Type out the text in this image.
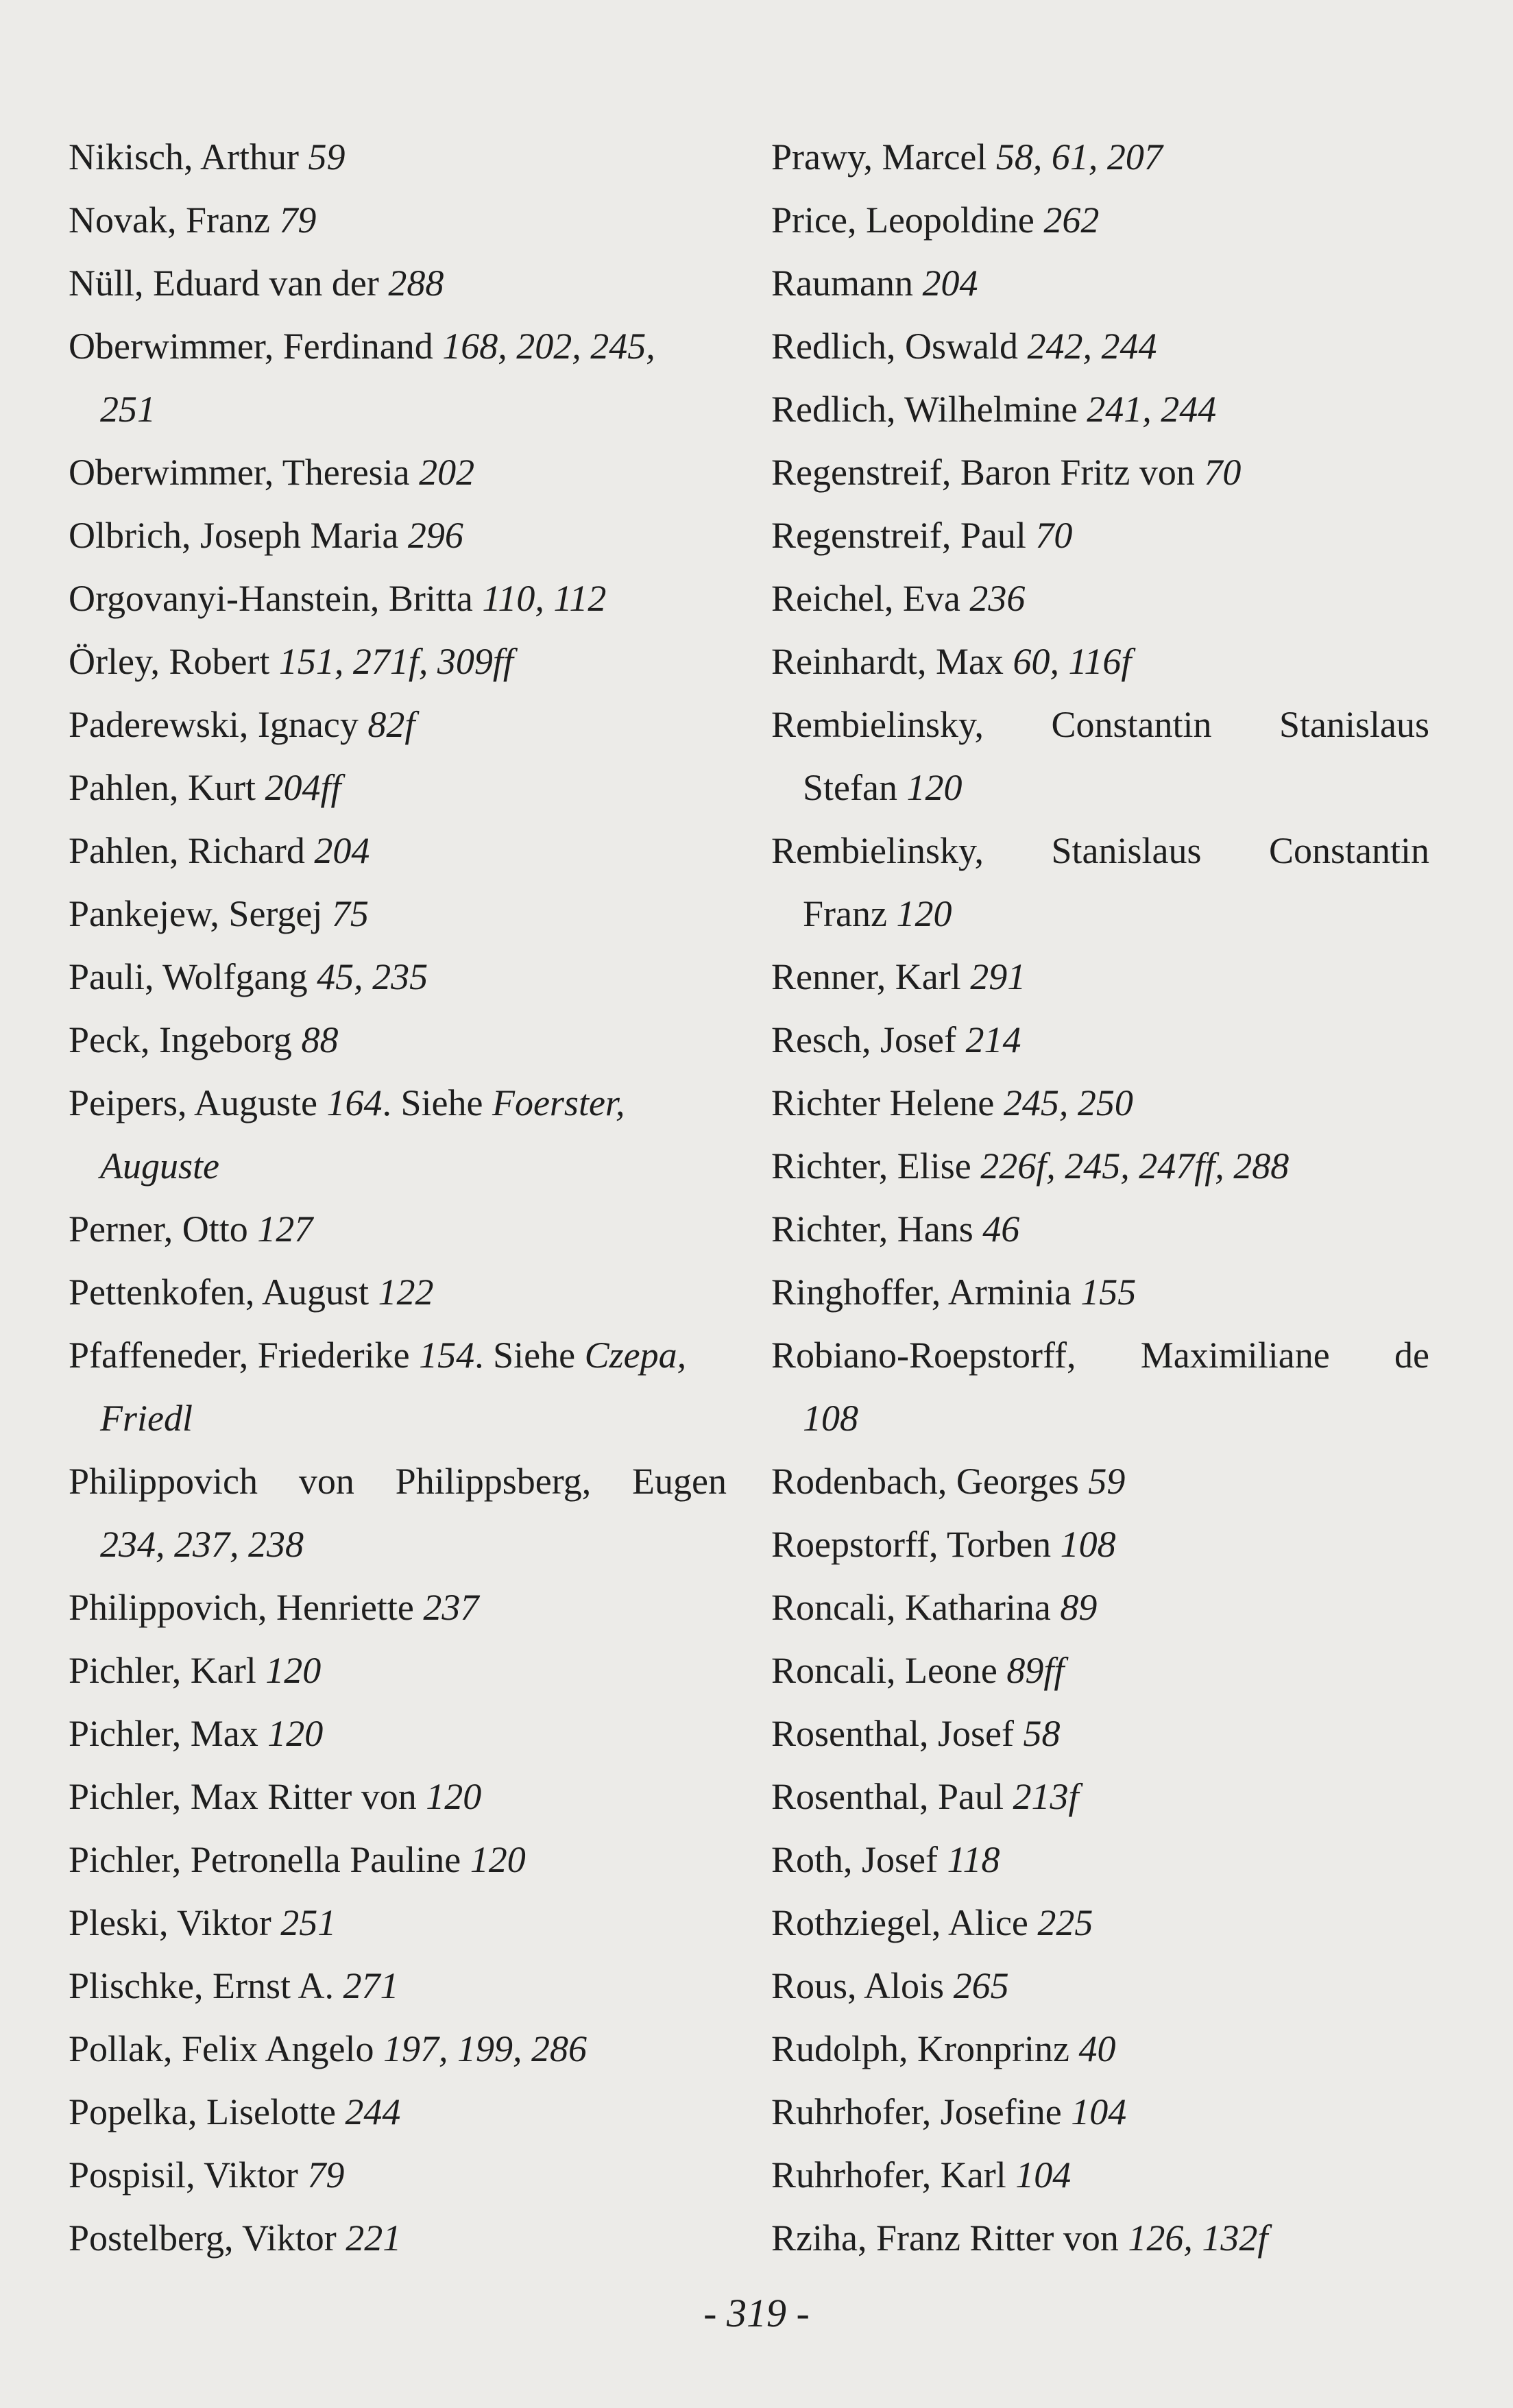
Nikisch, Arthur 59
Novak, Franz 79
Nüll, Eduard van der 288
Oberwimmer, Ferdinand 168, 202, 245,
251
Oberwimmer, Theresia 202
Olbrich, Joseph Maria 296
Orgovanyi-Hanstein, Britta 110, 112
Örley, Robert 151, 271f, 309ff
Paderewski, Ignacy 82f
Pahlen, Kurt 204ff
Pahlen, Richard 204
Pankejew, Sergej 75
Pauli, Wolfgang 45, 235
Peck, Ingeborg 88
Peipers, Auguste 164. Siehe Foerster,
Auguste
Perner, Otto 127
Pettenkofen, August 122
Pfaffeneder, Friederike 154. Siehe Czepa,
Friedl
Philippovich von Philippsberg, Eugen
234, 237, 238
Philippovich, Henriette 237
Pichler, Karl 120
Pichler, Max 120
Pichler, Max Ritter von 120
Pichler, Petronella Pauline 120
Pleski, Viktor 251
Plischke, Ernst A. 271
Pollak, Felix Angelo 197, 199, 286
Popelka, Liselotte 244
Pospisil, Viktor 79
Postelberg, Viktor 221
Prawy, Marcel 58, 61, 207
Price, Leopoldine 262
Raumann 204
Redlich, Oswald 242, 244
Redlich, Wilhelmine 241, 244
Regenstreif, Baron Fritz von 70
Regenstreif, Paul 70
Reichel, Eva 236
Reinhardt, Max 60, 116f
Rembielinsky, Constantin Stanislaus
Stefan 120
Rembielinsky, Stanislaus Constantin
Franz 120
Renner, Karl 291
Resch, Josef 214
Richter Helene 245, 250
Richter, Elise 226f, 245, 247ff, 288
Richter, Hans 46
Ringhoffer, Arminia 155
Robiano-Roepstorff, Maximiliane de
108
Rodenbach, Georges 59
Roepstorff, Torben 108
Roncali, Katharina 89
Roncali, Leone 89ff
Rosenthal, Josef 58
Rosenthal, Paul 213f
Roth, Josef 118
Rothziegel, Alice 225
Rous, Alois 265
Rudolph, Kronprinz 40
Ruhrhofer, Josefine 104
Ruhrhofer, Karl 104
Rziha, Franz Ritter von 126, 132f
- 319 -
